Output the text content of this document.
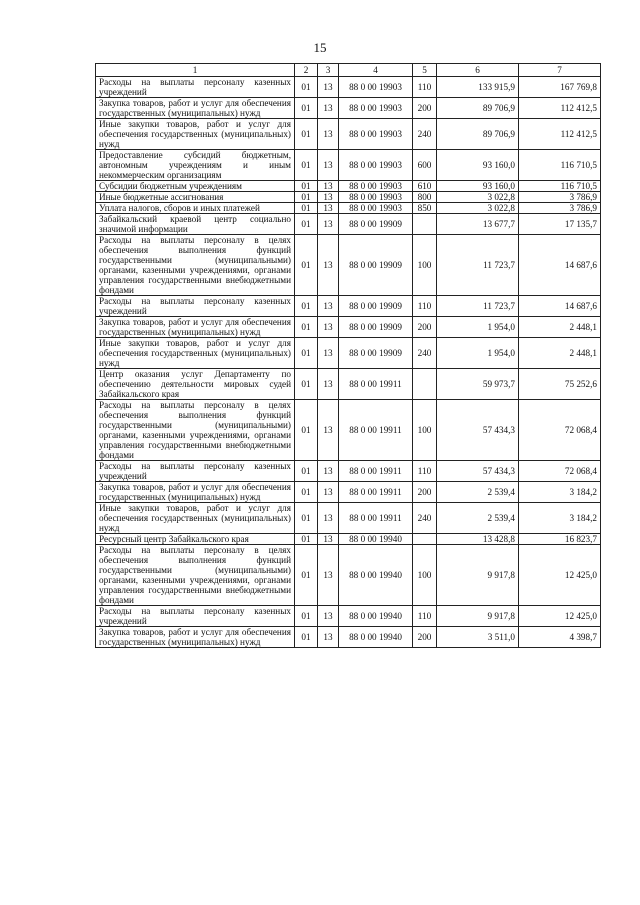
15
1	2	3	4	5	6	7
Расходы на выплаты персоналу казенных учреждений	01	13	88 0 00 19903	110	133 915,9	167 769,8
Закупка товаров, работ и услуг для обеспечения государственных (муниципальных) нужд	01	13	88 0 00 19903	200	89 706,9	112 412,5
Иные закупки товаров, работ и услуг для обеспечения государственных (муниципальных) нужд	01	13	88 0 00 19903	240	89 706,9	112 412,5
Предоставление субсидий бюджетным, автономным учреждениям и иным некоммерческим организациям	01	13	88 0 00 19903	600	93 160,0	116 710,5
Субсидии бюджетным учреждениям	01	13	88 0 00 19903	610	93 160,0	116 710,5
Иные бюджетные ассигнования	01	13	88 0 00 19903	800	3 022,8	3 786,9
Уплата налогов, сборов и иных платежей	01	13	88 0 00 19903	850	3 022,8	3 786,9
Забайкальский краевой центр социально значимой информации	01	13	88 0 00 19909		13 677,7	17 135,7
Расходы на выплаты персоналу в целях обеспечения выполнения функций государственными (муниципальными) органами, казенными учреждениями, органами управления государственными внебюджетными фондами	01	13	88 0 00 19909	100	11 723,7	14 687,6
Расходы на выплаты персоналу казенных учреждений	01	13	88 0 00 19909	110	11 723,7	14 687,6
Закупка товаров, работ и услуг для обеспечения государственных (муниципальных) нужд	01	13	88 0 00 19909	200	1 954,0	2 448,1
Иные закупки товаров, работ и услуг для обеспечения государственных (муниципальных) нужд	01	13	88 0 00 19909	240	1 954,0	2 448,1
Центр оказания услуг Департаменту по обеспечению деятельности мировых судей Забайкальского края	01	13	88 0 00 19911		59 973,7	75 252,6
Расходы на выплаты персоналу в целях обеспечения выполнения функций государственными (муниципальными) органами, казенными учреждениями, органами управления государственными внебюджетными фондами	01	13	88 0 00 19911	100	57 434,3	72 068,4
Расходы на выплаты персоналу казенных учреждений	01	13	88 0 00 19911	110	57 434,3	72 068,4
Закупка товаров, работ и услуг для обеспечения государственных (муниципальных) нужд	01	13	88 0 00 19911	200	2 539,4	3 184,2
Иные закупки товаров, работ и услуг для обеспечения государственных (муниципальных) нужд	01	13	88 0 00 19911	240	2 539,4	3 184,2
Ресурсный центр Забайкальского края	01	13	88 0 00 19940		13 428,8	16 823,7
Расходы на выплаты персоналу в целях обеспечения выполнения функций государственными (муниципальными) органами, казенными учреждениями, органами управления государственными внебюджетными фондами	01	13	88 0 00 19940	100	9 917,8	12 425,0
Расходы на выплаты персоналу казенных учреждений	01	13	88 0 00 19940	110	9 917,8	12 425,0
Закупка товаров, работ и услуг для обеспечения государственных (муниципальных) нужд	01	13	88 0 00 19940	200	3 511,0	4 398,7
